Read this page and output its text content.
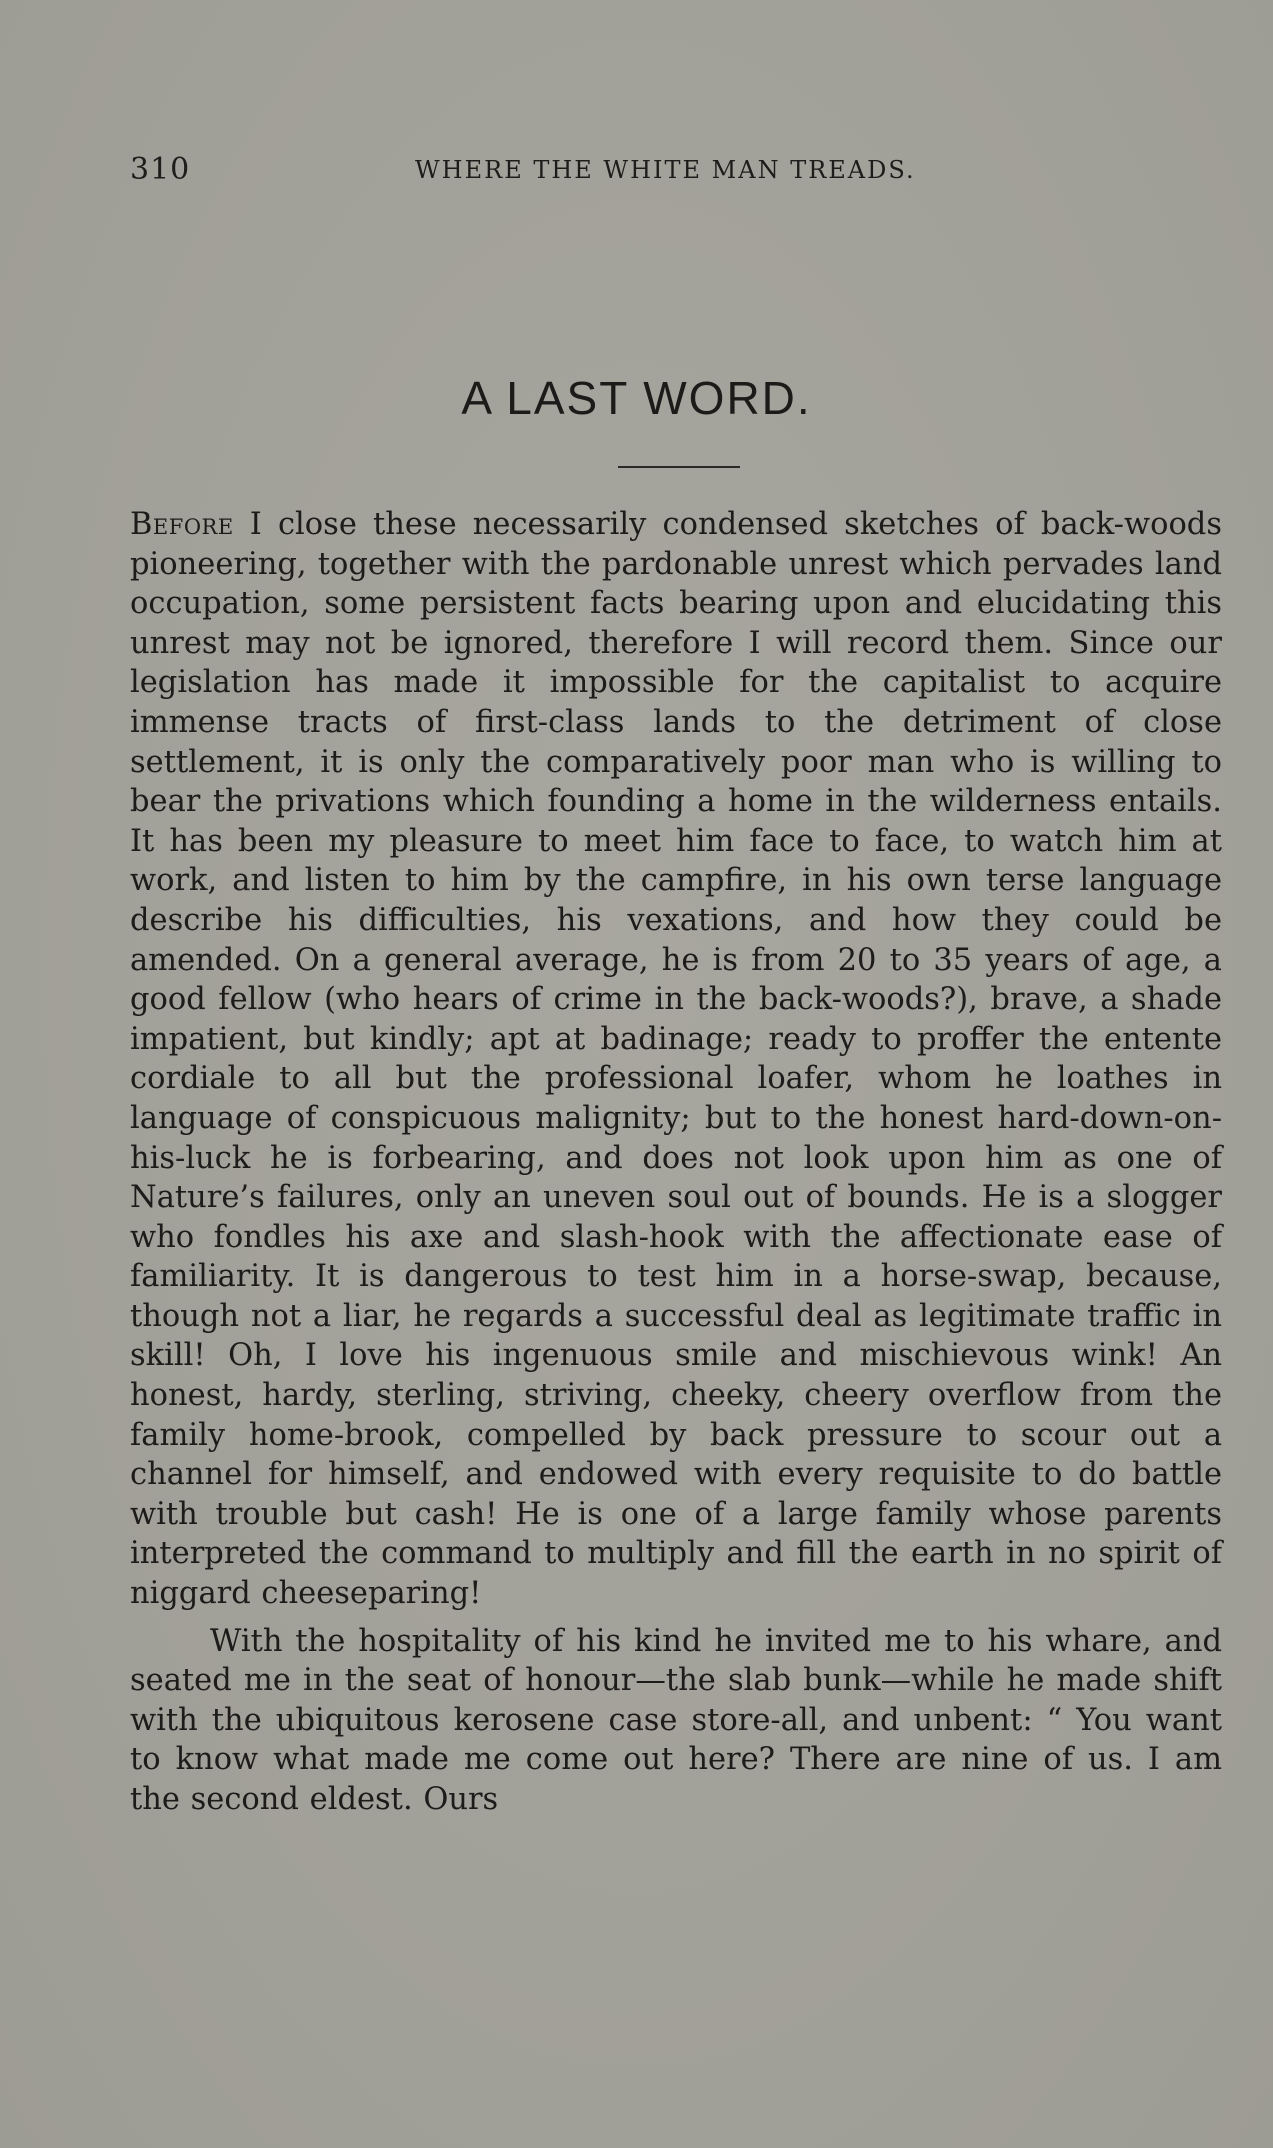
310	WHERE THE WHITE MAN TREADS.
A LAST WORD.

Before I close these necessarily condensed sketches of back-woods pioneering, together with the pardonable unrest which pervades land occupation, some persistent facts bearing upon and elucidating this unrest may not be ignored, therefore I will record them. Since our legislation has made it impossible for the capitalist to acquire immense tracts of first-class lands to the detriment of close settlement, it is only the comparatively poor man who is willing to bear the privations which founding a home in the wilderness entails. It has been my pleasure to meet him face to face, to watch him at work, and listen to him by the campfire, in his own terse language describe his difficulties, his vexations, and how they could be amended. On a general average, he is from 20 to 35 years of age, a good fellow (who hears of crime in the back-woods?), brave, a shade impatient, but kindly; apt at badinage; ready to proffer the entente cordiale to all but the professional loafer, whom he loathes in language of conspicuous malignity; but to the honest hard-down-on-his-luck he is forbearing, and does not look upon him as one of Nature’s failures, only an uneven soul out of bounds. He is a slogger who fondles his axe and slash-hook with the affectionate ease of familiarity. It is dangerous to test him in a horse-swap, because, though not a liar, he regards a successful deal as legitimate traffic in skill! Oh, I love his ingenuous smile and mischievous wink! An honest, hardy, sterling, striving, cheeky, cheery overflow from the family home-brook, compelled by back pressure to scour out a channel for himself, and endowed with every requisite to do battle with trouble but cash! He is one of a large family whose parents interpreted the command to multiply and fill the earth in no spirit of niggard cheeseparing!

With the hospitality of his kind he invited me to his whare, and seated me in the seat of honour—the slab bunk—while he made shift with the ubiquitous kerosene case store-all, and unbent: “ You want to know what made me come out here? There are nine of us. I am the second eldest. Ours
